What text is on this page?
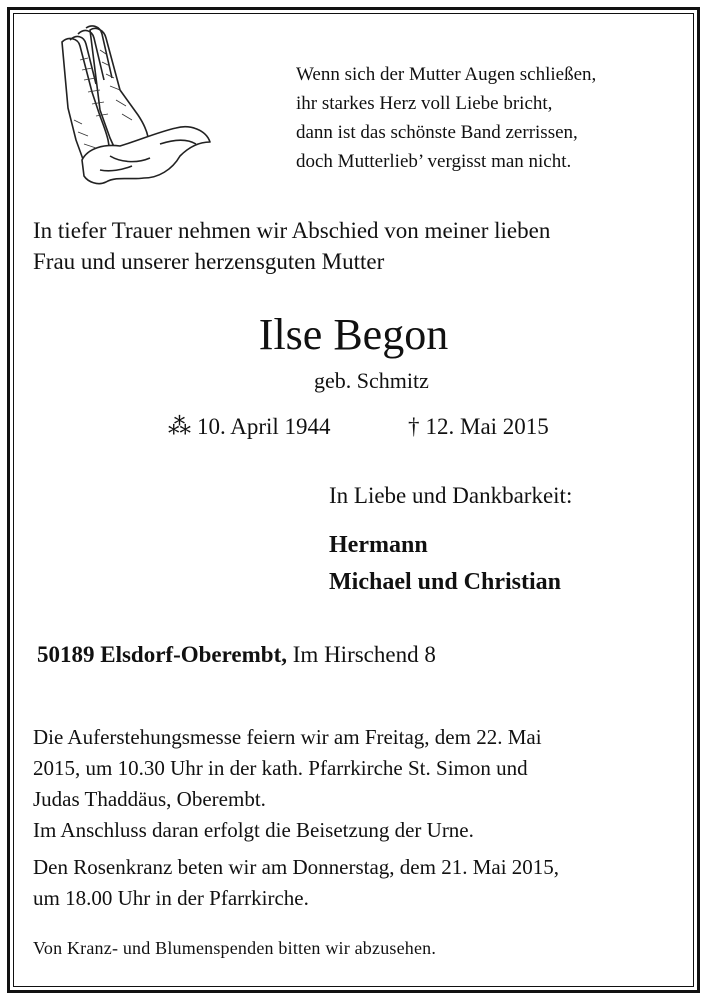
Wenn sich der Mutter Augen schließen,
ihr starkes Herz voll Liebe bricht,
dann ist das schönste Band zerrissen,
doch Mutterlieb’ vergisst man nicht.
In tiefer Trauer nehmen wir Abschied von meiner lieben
Frau und unserer herzensguten Mutter
Ilse Begon
geb. Schmitz
⁂ 10. April 1944	† 12. Mai 2015
In Liebe und Dankbarkeit:
Hermann
Michael und Christian
50189 Elsdorf-Oberembt, Im Hirschend 8
Die Auferstehungsmesse feiern wir am Freitag, dem 22. Mai
2015, um 10.30 Uhr in der kath. Pfarrkirche St. Simon und
Judas Thaddäus, Oberembt.
Im Anschluss daran erfolgt die Beisetzung der Urne.
Den Rosenkranz beten wir am Donnerstag, dem 21. Mai 2015,
um 18.00 Uhr in der Pfarrkirche.
Von Kranz- und Blumenspenden bitten wir abzusehen.
